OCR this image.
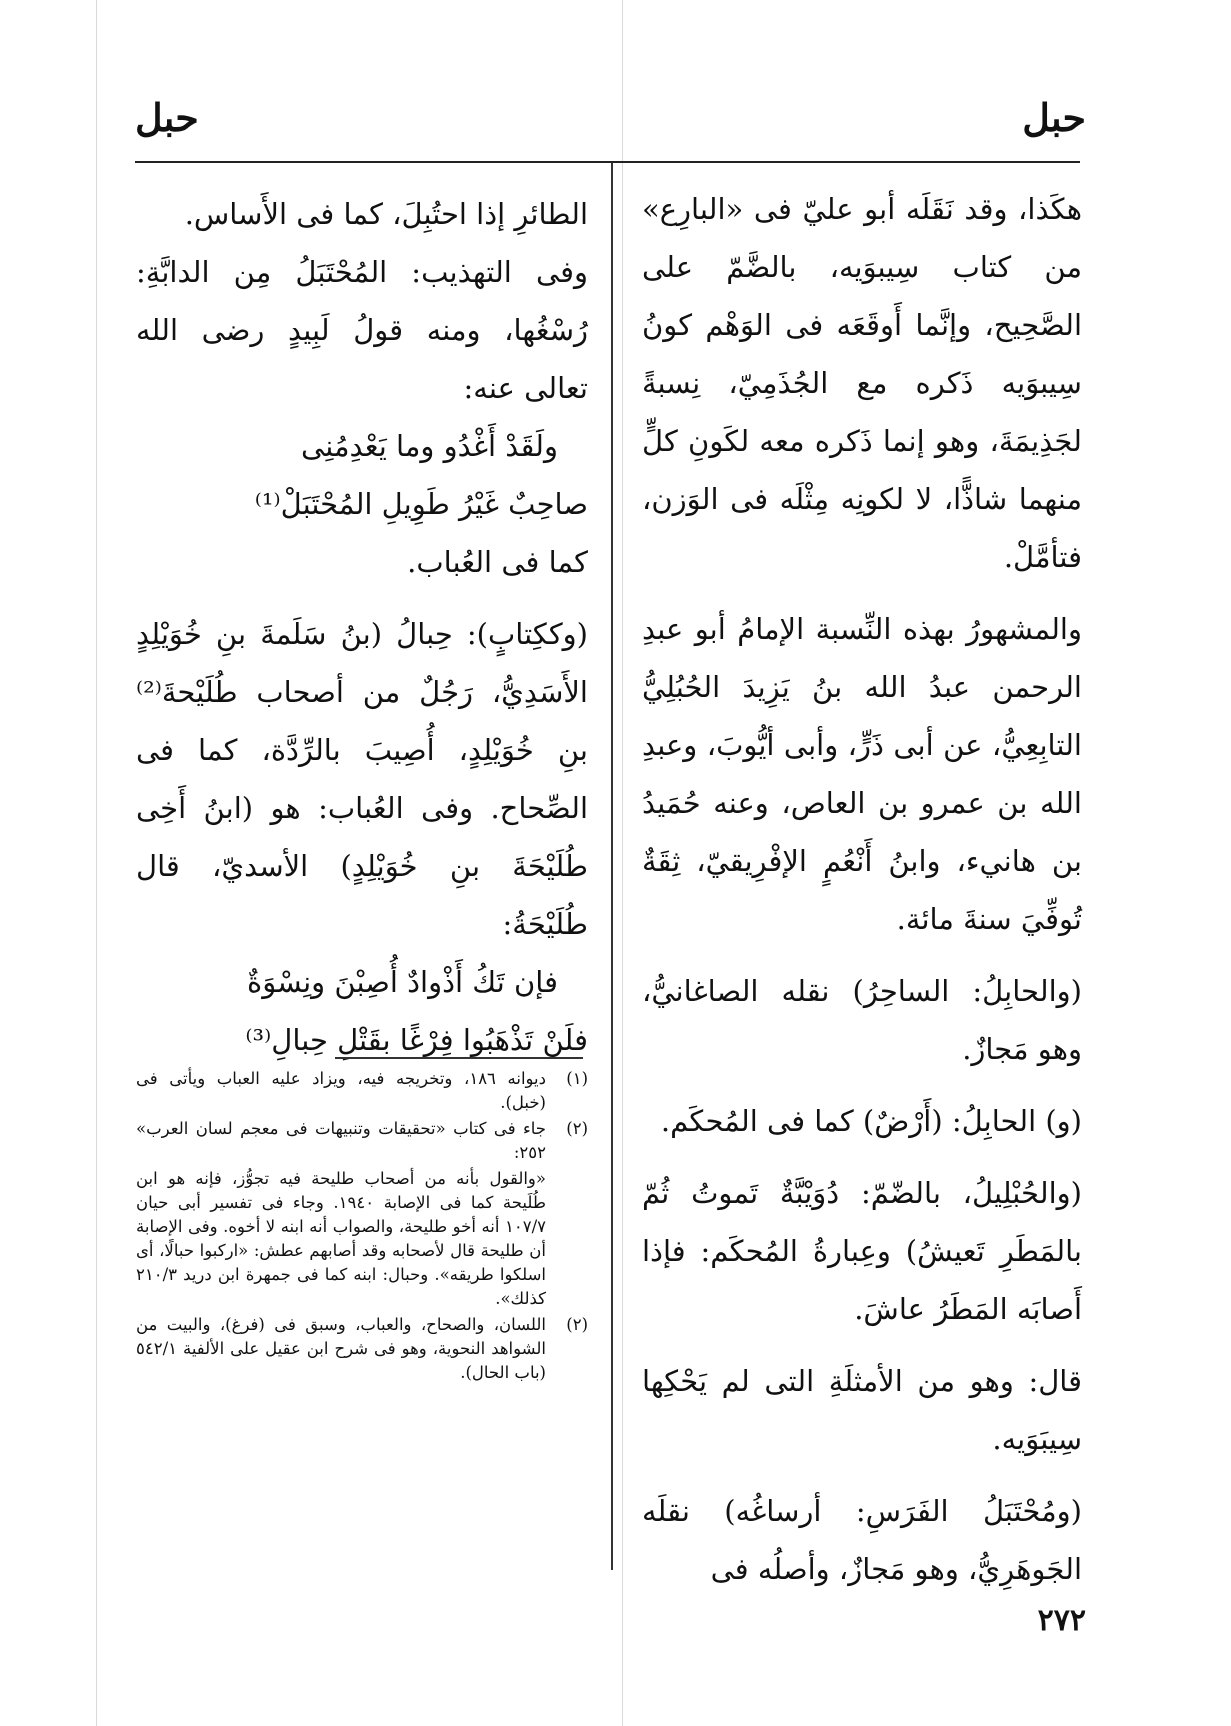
حبل
حبل

هكَذا، وقد نَقَلَه أبو عليّ فى «البارِع» من كتاب سِيبوَيه، بالضَّمّ على الصَّحِيح، وإنَّما أَوقَعَه فى الوَهْم كونُ سِيبوَيه ذَكره مع الجُذَمِيّ، نِسبةً لجَذِيمَةَ، وهو إنما ذَكره معه لكَونِ كلٍّ منهما شاذًّا، لا لكونِه مِثْلَه فى الوَزن، فتأمَّلْ.

والمشهورُ بهذه النِّسبة الإمامُ أبو عبدِ الرحمن عبدُ الله بنُ يَزِيدَ الحُبُلِيُّ التابِعِيُّ، عن أبى ذَرٍّ، وأبى أيُّوبَ، وعبدِ الله بن عمرو بن العاص، وعنه حُمَيدُ بن هانيء، وابنُ أَنْعُمٍ الإفْرِيقيّ، ثِقَةٌ تُوفِّيَ سنةَ مائة.

(والحابِلُ: الساحِرُ) نقله الصاغانيُّ، وهو مَجازٌ.

(و) الحابِلُ: (أَرْضٌ) كما فى المُحكَم.

(والحُبْلِيلُ، بالضّمّ: دُوَيْبَّةٌ تَموتُ ثُمّ بالمَطَرِ تَعيشُ) وعِبارةُ المُحكَم: فإذا أَصابَه المَطَرُ عاشَ.

قال: وهو من الأمثلَةِ التى لم يَحْكِها سِيبَوَيه.

(ومُحْتَبَلُ الفَرَسِ: أرساغُه) نقلَه الجَوهَرِيُّ، وهو مَجازٌ، وأصلُه فى

الطائرِ إذا احتُبِلَ، كما فى الأَساس.

وفى التهذيب: المُحْتَبَلُ مِن الدابَّةِ: رُسْغُها، ومنه قولُ لَبِيدٍ رضى الله تعالى عنه:

ولَقَدْ أَغْدُو وما يَعْدِمُنِى
صاحِبٌ غَيْرُ طَوِيلِ المُحْتَبَلْ⁽¹⁾

كما فى العُباب.

(وككِتابٍ): حِبالُ (بنُ سَلَمةَ بنِ خُوَيْلِدٍ الأَسَدِيُّ، رَجُلٌ من أصحاب طُلَيْحةَ⁽²⁾ بنِ خُوَيْلِدٍ، أُصِيبَ بالرِّدَّة، كما فى الصِّحاح. وفى العُباب: هو (ابنُ أَخِى طُلَيْحَةَ بنِ خُوَيْلِدٍ) الأسديّ، قال طُلَيْحَةُ:

فإن تَكُ أَذْوادٌ أُصِبْنَ ونِسْوَةٌ
فلَنْ تَذْهَبُوا فِرْغًا بقَتْلِ حِبالِ⁽³⁾
(١)
ديوانه ١٨٦، وتخريجه فيه، ويزاد عليه العباب ويأتى فى (خبل).
(٢)
جاء فى كتاب «تحقيقات وتنبيهات فى معجم لسان العرب» ٢٥٢:
«والقول بأنه من أصحاب طليحة فيه تجوُّز، فإنه هو ابن طُلَيحة كما فى الإصابة ١٩٤٠. وجاء فى تفسير أبى حيان ١٠٧/٧ أنه أخو طليحة، والصواب أنه ابنه لا أخوه. وفى الإصابة أن طليحة قال لأصحابه وقد أصابهم عطش: «اركبوا حبالًا، أى اسلكوا طريقه». وحبال: ابنه كما فى جمهرة ابن دريد ٢١٠/٣ كذلك».
(٢)
اللسان، والصحاح، والعباب، وسبق فى (فرغ)، والبيت من الشواهد النحوية، وهو فى شرح ابن عقيل على الألفية ٥٤٢/١ (باب الحال).
٢٧٢
